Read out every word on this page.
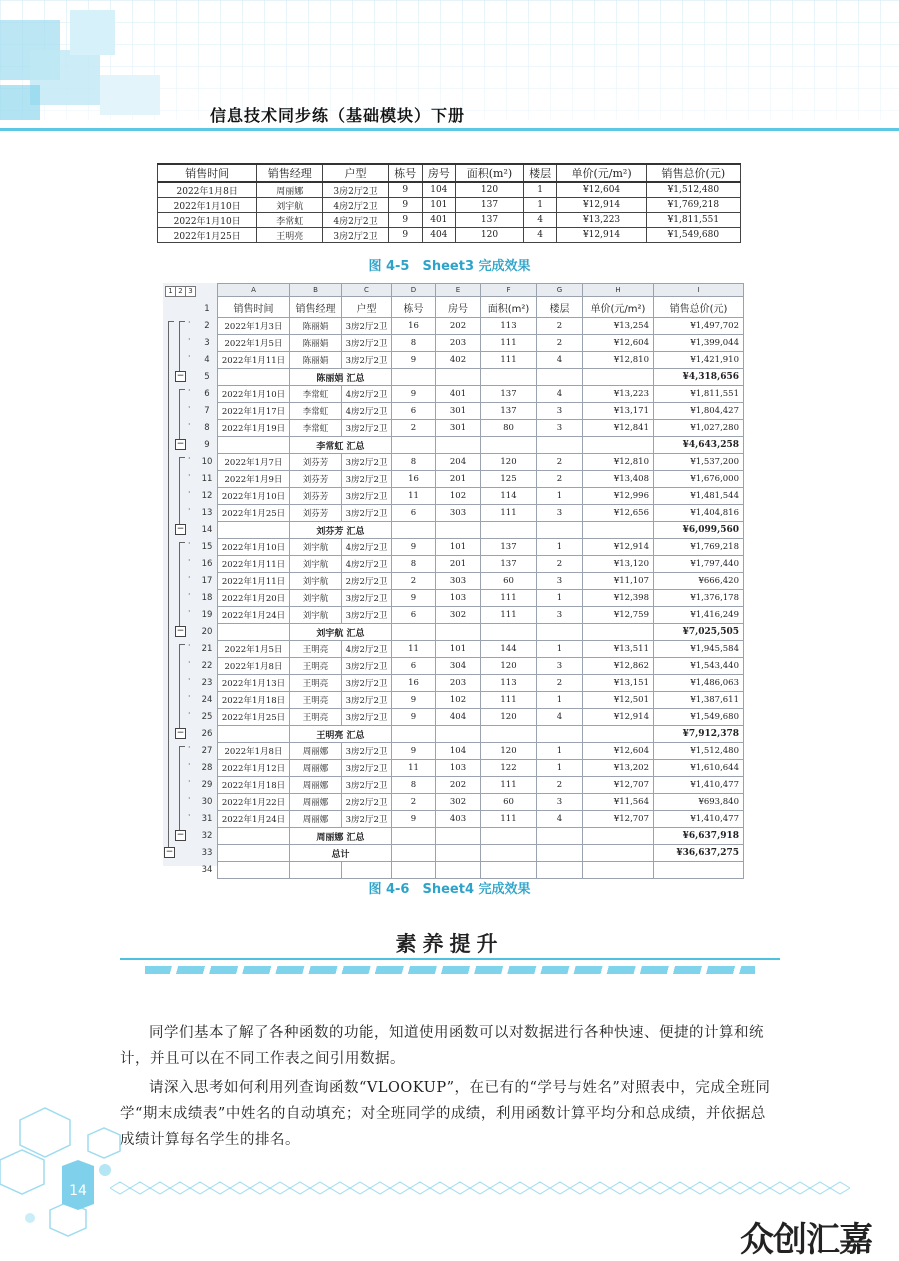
信息技术同步练（基础模块）下册
销售时间	销售经理	户型	栋号	房号	面积(m²)	楼层	单价(元/m²)	销售总价(元)
2022年1月8日	周丽娜	3房2厅2卫	9	104	120	1	¥12,604	¥1,512,480
2022年1月10日	刘宇航	4房2厅2卫	9	101	137	1	¥12,914	¥1,769,218
2022年1月10日	李常虹	4房2厅2卫	9	401	137	4	¥13,223	¥1,811,551
2022年1月25日	王明亮	3房2厅2卫	9	404	120	4	¥12,914	¥1,549,680
图 4-5　Sheet3 完成效果
1 2 3
1
2
·
3
·
4
·
5
−
6
·
7
·
8
·
9
−
10
·
11
·
12
·
13
·
14
−
15
·
16
·
17
·
18
·
19
·
20
−
21
·
22
·
23
·
24
·
25
·
26
−
27
·
28
·
29
·
30
·
31
·
32
−
33
−
34
A	B	C	D	E	F	G	H	I
销售时间	销售经理	户型	栋号	房号	面积(m²)	楼层	单价(元/m²)	销售总价(元)
2022年1月3日	陈丽娟	3房2厅2卫	16	202	113	2	¥13,254	¥1,497,702
2022年1月5日	陈丽娟	3房2厅2卫	8	203	111	2	¥12,604	¥1,399,044
2022年1月11日	陈丽娟	3房2厅2卫	9	402	111	4	¥12,810	¥1,421,910
	陈丽娟 汇总							¥4,318,656
2022年1月10日	李常虹	4房2厅2卫	9	401	137	4	¥13,223	¥1,811,551
2022年1月17日	李常虹	4房2厅2卫	6	301	137	3	¥13,171	¥1,804,427
2022年1月19日	李常虹	3房2厅2卫	2	301	80	3	¥12,841	¥1,027,280
	李常虹 汇总							¥4,643,258
2022年1月7日	刘芬芳	3房2厅2卫	8	204	120	2	¥12,810	¥1,537,200
2022年1月9日	刘芬芳	3房2厅2卫	16	201	125	2	¥13,408	¥1,676,000
2022年1月10日	刘芬芳	3房2厅2卫	11	102	114	1	¥12,996	¥1,481,544
2022年1月25日	刘芬芳	3房2厅2卫	6	303	111	3	¥12,656	¥1,404,816
	刘芬芳 汇总							¥6,099,560
2022年1月10日	刘宇航	4房2厅2卫	9	101	137	1	¥12,914	¥1,769,218
2022年1月11日	刘宇航	4房2厅2卫	8	201	137	2	¥13,120	¥1,797,440
2022年1月11日	刘宇航	2房2厅2卫	2	303	60	3	¥11,107	¥666,420
2022年1月20日	刘宇航	3房2厅2卫	9	103	111	1	¥12,398	¥1,376,178
2022年1月24日	刘宇航	3房2厅2卫	6	302	111	3	¥12,759	¥1,416,249
	刘宇航 汇总							¥7,025,505
2022年1月5日	王明亮	4房2厅2卫	11	101	144	1	¥13,511	¥1,945,584
2022年1月8日	王明亮	3房2厅2卫	6	304	120	3	¥12,862	¥1,543,440
2022年1月13日	王明亮	3房2厅2卫	16	203	113	2	¥13,151	¥1,486,063
2022年1月18日	王明亮	3房2厅2卫	9	102	111	1	¥12,501	¥1,387,611
2022年1月25日	王明亮	3房2厅2卫	9	404	120	4	¥12,914	¥1,549,680
	王明亮 汇总							¥7,912,378
2022年1月8日	周丽娜	3房2厅2卫	9	104	120	1	¥12,604	¥1,512,480
2022年1月12日	周丽娜	3房2厅2卫	11	103	122	1	¥13,202	¥1,610,644
2022年1月18日	周丽娜	3房2厅2卫	8	202	111	2	¥12,707	¥1,410,477
2022年1月22日	周丽娜	2房2厅2卫	2	302	60	3	¥11,564	¥693,840
2022年1月24日	周丽娜	3房2厅2卫	9	403	111	4	¥12,707	¥1,410,477
	周丽娜 汇总							¥6,637,918
	总计							¥36,637,275

图 4-6　Sheet4 完成效果
素养提升
同学们基本了解了各种函数的功能，知道使用函数可以对数据进行各种快速、便捷的计算和统计，并且可以在不同工作表之间引用数据。
请深入思考如何利用列查询函数“VLOOKUP”，在已有的“学号与姓名”对照表中，完成全班同学“期末成绩表”中姓名的自动填充；对全班同学的成绩，利用函数计算平均分和总成绩，并依据总成绩计算每名学生的排名。
14
众创汇嘉
